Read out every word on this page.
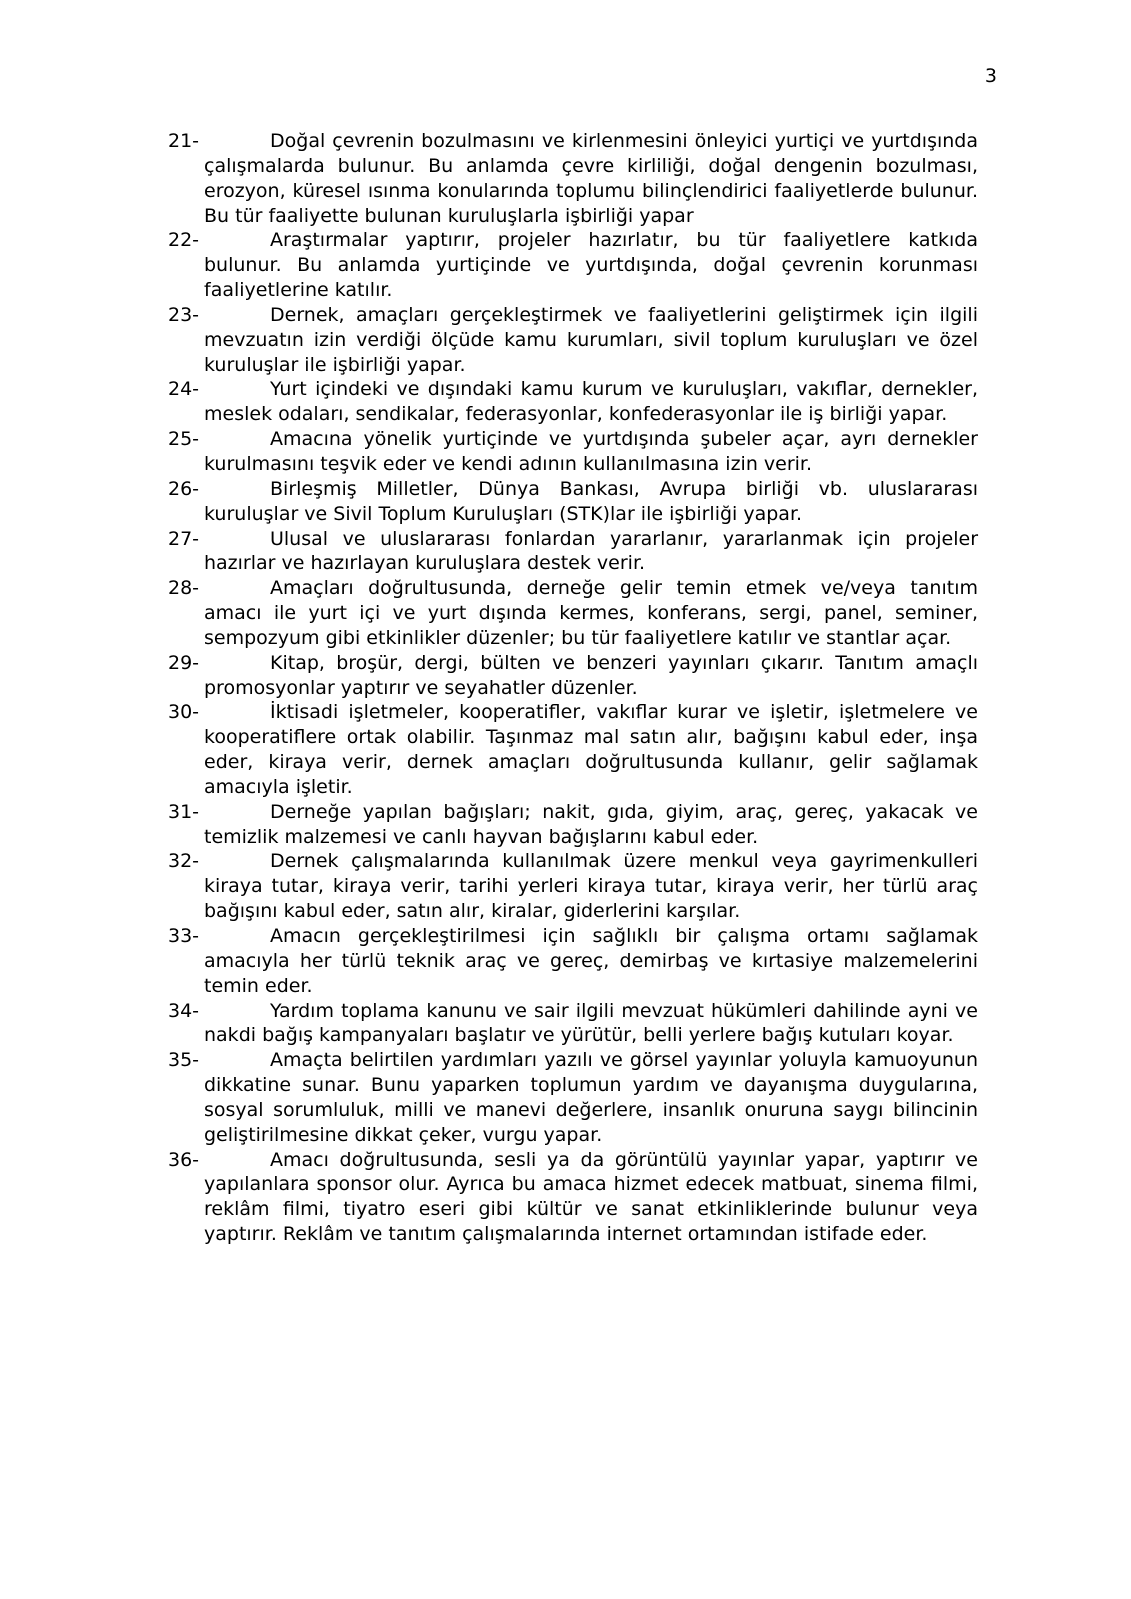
3

21-	Doğal çevrenin bozulmasını ve kirlenmesini önleyici yurtiçi ve yurtdışında çalışmalarda bulunur. Bu anlamda çevre kirliliği, doğal dengenin bozulması, erozyon, küresel ısınma konularında toplumu bilinçlendirici faaliyetlerde bulunur. Bu tür faaliyette bulunan kuruluşlarla işbirliği yapar

22-	Araştırmalar yaptırır, projeler hazırlatır, bu tür faaliyetlere katkıda bulunur. Bu anlamda yurtiçinde ve yurtdışında, doğal çevrenin korunması faaliyetlerine katılır.

23-	Dernek, amaçları gerçekleştirmek ve faaliyetlerini geliştirmek için ilgili mevzuatın izin verdiği ölçüde kamu kurumları, sivil toplum kuruluşları ve özel kuruluşlar ile işbirliği yapar.

24-	Yurt içindeki ve dışındaki kamu kurum ve kuruluşları, vakıflar, dernekler, meslek odaları, sendikalar, federasyonlar, konfederasyonlar ile iş birliği yapar.

25-	Amacına yönelik yurtiçinde ve yurtdışında şubeler açar, ayrı dernekler kurulmasını teşvik eder ve kendi adının kullanılmasına izin verir.

26-	Birleşmiş Milletler, Dünya Bankası, Avrupa birliği vb. uluslararası kuruluşlar ve Sivil Toplum Kuruluşları (STK)lar ile işbirliği yapar.

27-	Ulusal ve uluslararası fonlardan yararlanır, yararlanmak için projeler hazırlar ve hazırlayan kuruluşlara destek verir.

28-	Amaçları doğrultusunda, derneğe gelir temin etmek ve/veya tanıtım amacı ile yurt içi ve yurt dışında kermes, konferans, sergi, panel, seminer, sempozyum gibi etkinlikler düzenler; bu tür faaliyetlere katılır ve stantlar açar.

29-	Kitap, broşür, dergi, bülten ve benzeri yayınları çıkarır. Tanıtım amaçlı promosyonlar yaptırır ve seyahatler düzenler.

30-	İktisadi işletmeler, kooperatifler, vakıflar kurar ve işletir, işletmelere ve kooperatiflere ortak olabilir. Taşınmaz mal satın alır, bağışını kabul eder, inşa eder, kiraya verir, dernek amaçları doğrultusunda kullanır, gelir sağlamak amacıyla işletir.

31-	Derneğe yapılan bağışları; nakit, gıda, giyim, araç, gereç, yakacak ve temizlik malzemesi ve canlı hayvan bağışlarını kabul eder.

32-	Dernek çalışmalarında kullanılmak üzere menkul veya gayrimenkulleri kiraya tutar, kiraya verir, tarihi yerleri kiraya tutar, kiraya verir, her türlü araç bağışını kabul eder, satın alır, kiralar, giderlerini karşılar.

33-	Amacın gerçekleştirilmesi için sağlıklı bir çalışma ortamı sağlamak amacıyla her türlü teknik araç ve gereç, demirbaş ve kırtasiye malzemelerini temin eder.

34-	Yardım toplama kanunu ve sair ilgili mevzuat hükümleri dahilinde ayni ve nakdi bağış kampanyaları başlatır ve yürütür, belli yerlere bağış kutuları koyar.

35-	Amaçta belirtilen yardımları yazılı ve görsel yayınlar yoluyla kamuoyunun dikkatine sunar. Bunu yaparken toplumun yardım ve dayanışma duygularına, sosyal sorumluluk, milli ve manevi değerlere, insanlık onuruna saygı bilincinin geliştirilmesine dikkat çeker, vurgu yapar.

36-	Amacı doğrultusunda, sesli ya da görüntülü yayınlar yapar, yaptırır ve yapılanlara sponsor olur. Ayrıca bu amaca hizmet edecek matbuat, sinema filmi, reklâm filmi, tiyatro eseri gibi kültür ve sanat etkinliklerinde bulunur veya yaptırır. Reklâm ve tanıtım çalışmalarında internet ortamından istifade eder.
